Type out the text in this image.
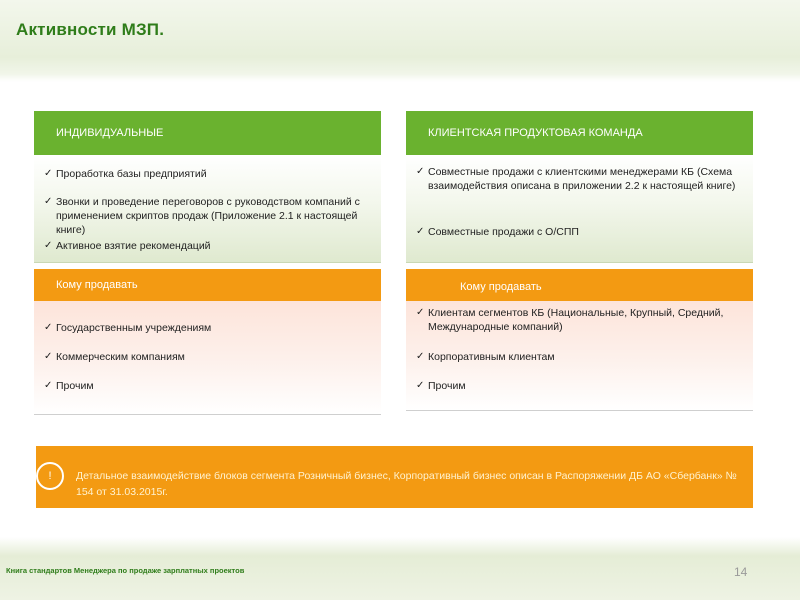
Активности МЗП.
ИНДИВИДУАЛЬНЫЕ
✓ Проработка базы предприятий
✓ Звонки и проведение переговоров с руководством компаний с применением скриптов продаж (Приложение 2.1 к настоящей книге)
✓ Активное взятие рекомендаций
Кому продавать
✓ Государственным учреждениям
✓ Коммерческим компаниям
✓ Прочим
КЛИЕНТСКАЯ ПРОДУКТОВАЯ КОМАНДА
✓ Совместные продажи с клиентскими менеджерами КБ (Схема взаимодействия описана в приложении 2.2 к настоящей книге)
✓ Совместные продажи с О/СПП
Кому продавать
✓ Клиентам сегментов КБ (Национальные, Крупный, Средний, Международные компаний)
✓ Корпоративным клиентам
✓ Прочим
!	Детальное взаимодействие блоков сегмента Розничный бизнес, Корпоративный бизнес описан в Распоряжении ДБ АО «Сбербанк» № 154 от 31.03.2015г.
Книга стандартов Менеджера по продаже зарплатных проектов	14
